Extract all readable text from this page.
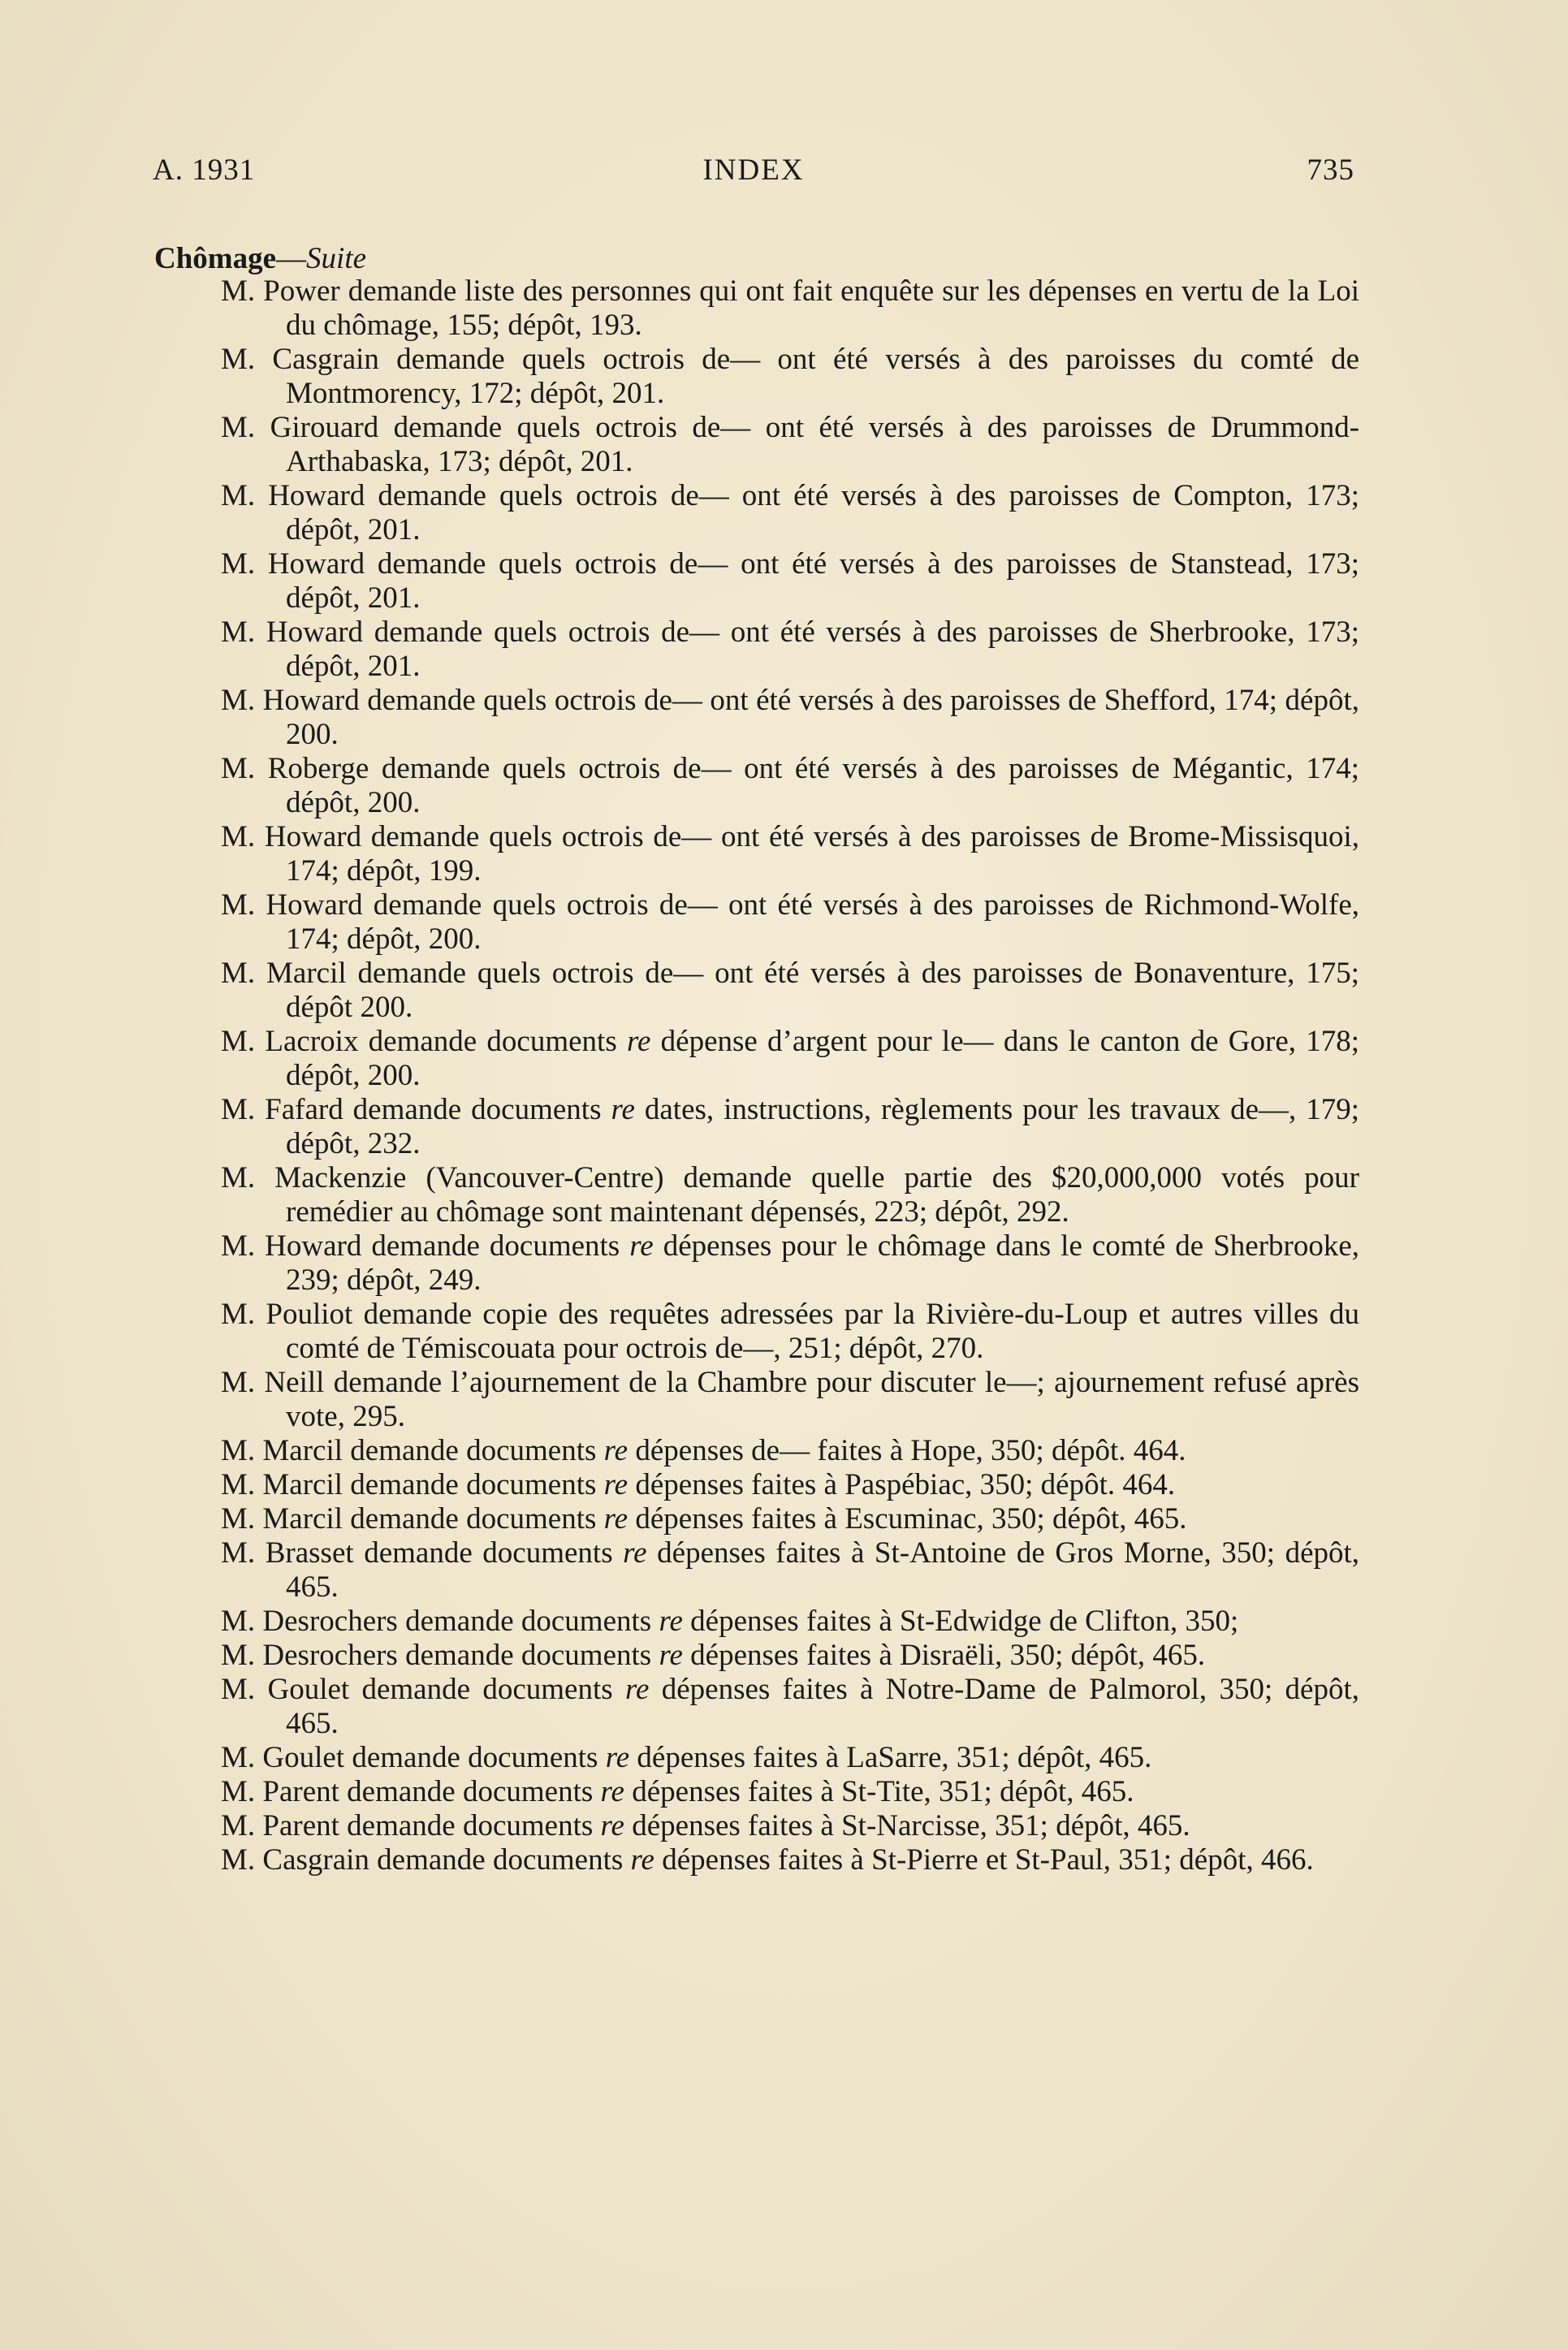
A. 1931	INDEX	735
Chômage—Suite
M. Power demande liste des personnes qui ont fait enquête sur les dépenses en vertu de la Loi du chômage, 155; dépôt, 193.
M. Casgrain demande quels octrois de— ont été versés à des paroisses du comté de Montmorency, 172; dépôt, 201.
M. Girouard demande quels octrois de— ont été versés à des paroisses de Drummond-Arthabaska, 173; dépôt, 201.
M. Howard demande quels octrois de— ont été versés à des paroisses de Compton, 173; dépôt, 201.
M. Howard demande quels octrois de— ont été versés à des paroisses de Stanstead, 173; dépôt, 201.
M. Howard demande quels octrois de— ont été versés à des paroisses de Sherbrooke, 173; dépôt, 201.
M. Howard demande quels octrois de— ont été versés à des paroisses de Shefford, 174; dépôt, 200.
M. Roberge demande quels octrois de— ont été versés à des paroisses de Mégantic, 174; dépôt, 200.
M. Howard demande quels octrois de— ont été versés à des paroisses de Brome-Missisquoi, 174; dépôt, 199.
M. Howard demande quels octrois de— ont été versés à des paroisses de Richmond-Wolfe, 174; dépôt, 200.
M. Marcil demande quels octrois de— ont été versés à des paroisses de Bonaventure, 175; dépôt 200.
M. Lacroix demande documents re dépense d’argent pour le— dans le canton de Gore, 178; dépôt, 200.
M. Fafard demande documents re dates, instructions, règlements pour les travaux de—, 179; dépôt, 232.
M. Mackenzie (Vancouver-Centre) demande quelle partie des $20,000,000 votés pour remédier au chômage sont maintenant dépensés, 223; dépôt, 292.
M. Howard demande documents re dépenses pour le chômage dans le comté de Sherbrooke, 239; dépôt, 249.
M. Pouliot demande copie des requêtes adressées par la Rivière-du-Loup et autres villes du comté de Témiscouata pour octrois de—, 251; dépôt, 270.
M. Neill demande l’ajournement de la Chambre pour discuter le—; ajournement refusé après vote, 295.
M. Marcil demande documents re dépenses de— faites à Hope, 350; dépôt. 464.
M. Marcil demande documents re dépenses faites à Paspébiac, 350; dépôt. 464.
M. Marcil demande documents re dépenses faites à Escuminac, 350; dépôt, 465.
M. Brasset demande documents re dépenses faites à St-Antoine de Gros Morne, 350; dépôt, 465.
M. Desrochers demande documents re dépenses faites à St-Edwidge de Clifton, 350;
M. Desrochers demande documents re dépenses faites à Disraëli, 350; dépôt, 465.
M. Goulet demande documents re dépenses faites à Notre-Dame de Palmorol, 350; dépôt, 465.
M. Goulet demande documents re dépenses faites à LaSarre, 351; dépôt, 465.
M. Parent demande documents re dépenses faites à St-Tite, 351; dépôt, 465.
M. Parent demande documents re dépenses faites à St-Narcisse, 351; dépôt, 465.
M. Casgrain demande documents re dépenses faites à St-Pierre et St-Paul, 351; dépôt, 466.
